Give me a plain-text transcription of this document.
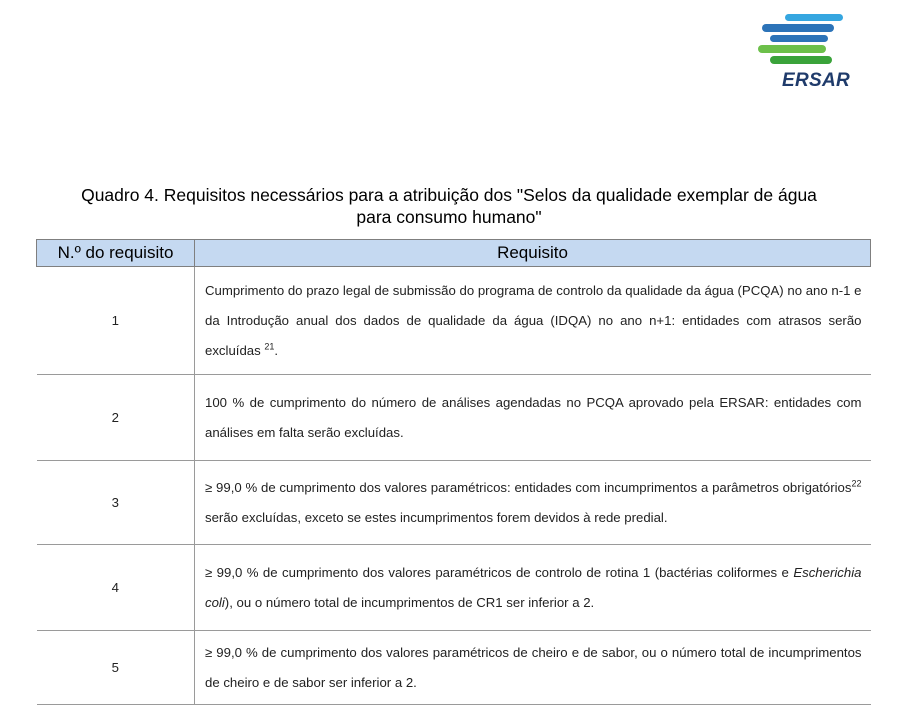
ERSAR
Quadro 4. Requisitos necessários para a atribuição dos "Selos da qualidade exemplar de água
para consumo humano"
N.º do requisito	Requisito
1	Cumprimento do prazo legal de submissão do programa de controlo da qualidade da água (PCQA) no ano n-1 e da Introdução anual dos dados de qualidade da água (IDQA) no ano n+1: entidades com atrasos serão excluídas $^{21}$.
2	100 % de cumprimento do número de análises agendadas no PCQA aprovado pela ERSAR: entidades com análises em falta serão excluídas.
3	≥ 99,0 % de cumprimento dos valores paramétricos: entidades com incumprimentos a parâmetros obrigatórios$^{22}$ serão excluídas, exceto se estes incumprimentos forem devidos à rede predial.
4	≥ 99,0 % de cumprimento dos valores paramétricos de controlo de rotina 1 (bactérias coliformes e Escherichia coli), ou o número total de incumprimentos de CR1 ser inferior a 2.
5	≥ 99,0 % de cumprimento dos valores paramétricos de cheiro e de sabor, ou o número total de incumprimentos de cheiro e de sabor ser inferior a 2.
